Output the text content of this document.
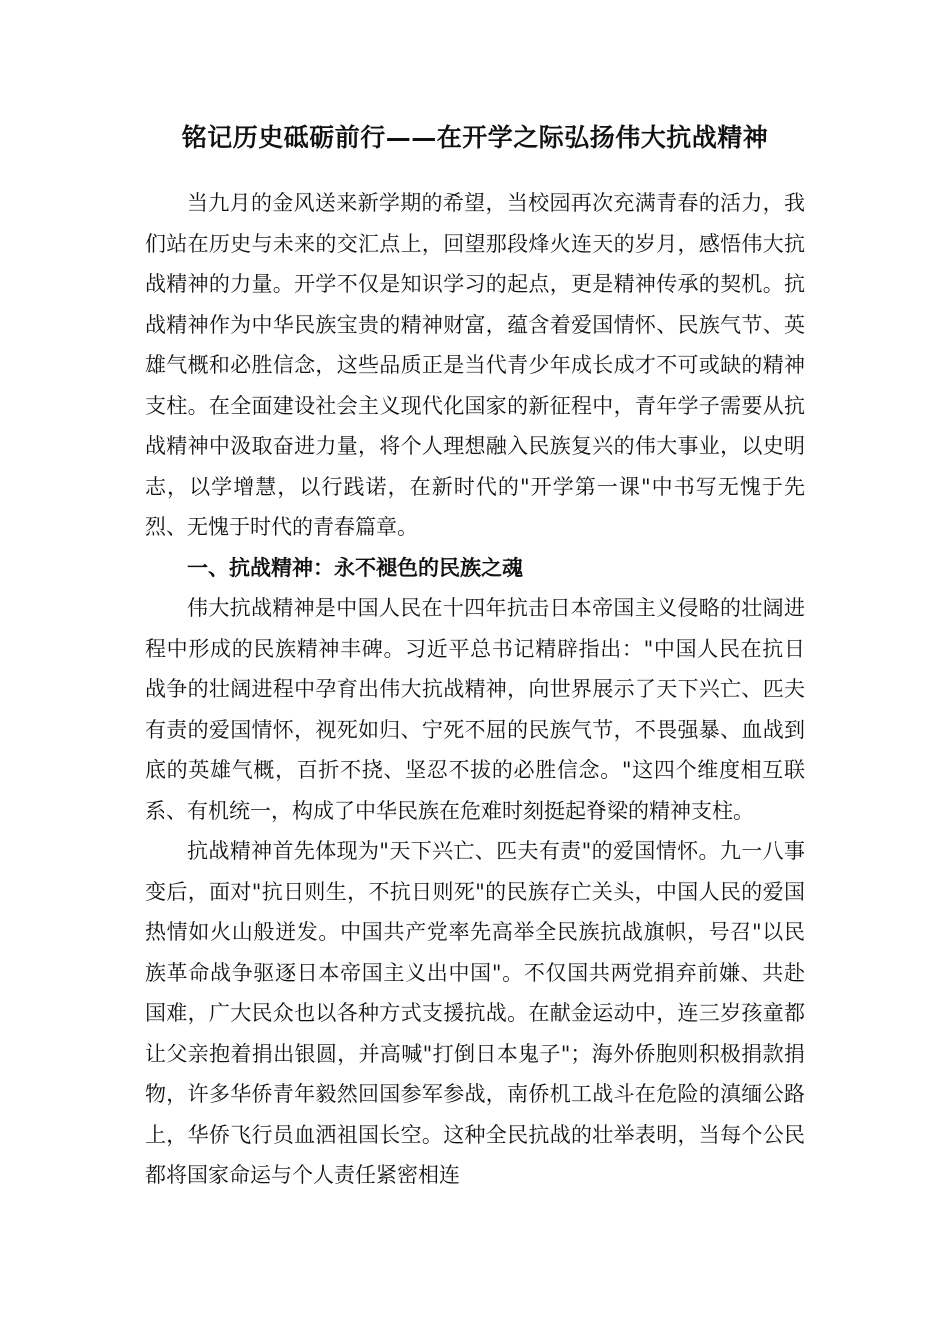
铭记历史砥砺前行——在开学之际弘扬伟大抗战精神

当九月的金风送来新学期的希望，当校园再次充满青春的活力，我们站在历史与未来的交汇点上，回望那段烽火连天的岁月，感悟伟大抗战精神的力量。开学不仅是知识学习的起点，更是精神传承的契机。抗战精神作为中华民族宝贵的精神财富，蕴含着爱国情怀、民族气节、英雄气概和必胜信念，这些品质正是当代青少年成长成才不可或缺的精神支柱。在全面建设社会主义现代化国家的新征程中，青年学子需要从抗战精神中汲取奋进力量，将个人理想融入民族复兴的伟大事业，以史明志，以学增慧，以行践诺，在新时代的"开学第一课"中书写无愧于先烈、无愧于时代的青春篇章。

一、抗战精神：永不褪色的民族之魂

伟大抗战精神是中国人民在十四年抗击日本帝国主义侵略的壮阔进程中形成的民族精神丰碑。习近平总书记精辟指出："中国人民在抗日战争的壮阔进程中孕育出伟大抗战精神，向世界展示了天下兴亡、匹夫有责的爱国情怀，视死如归、宁死不屈的民族气节，不畏强暴、血战到底的英雄气概，百折不挠、坚忍不拔的必胜信念。"这四个维度相互联系、有机统一，构成了中华民族在危难时刻挺起脊梁的精神支柱。

抗战精神首先体现为"天下兴亡、匹夫有责"的爱国情怀。九一八事变后，面对"抗日则生，不抗日则死"的民族存亡关头，中国人民的爱国热情如火山般迸发。中国共产党率先高举全民族抗战旗帜，号召"以民族革命战争驱逐日本帝国主义出中国"。不仅国共两党捐弃前嫌、共赴国难，广大民众也以各种方式支援抗战。在献金运动中，连三岁孩童都让父亲抱着捐出银圆，并高喊"打倒日本鬼子"；海外侨胞则积极捐款捐物，许多华侨青年毅然回国参军参战，南侨机工战斗在危险的滇缅公路上，华侨飞行员血洒祖国长空。这种全民抗战的壮举表明，当每个公民都将国家命运与个人责任紧密相连
